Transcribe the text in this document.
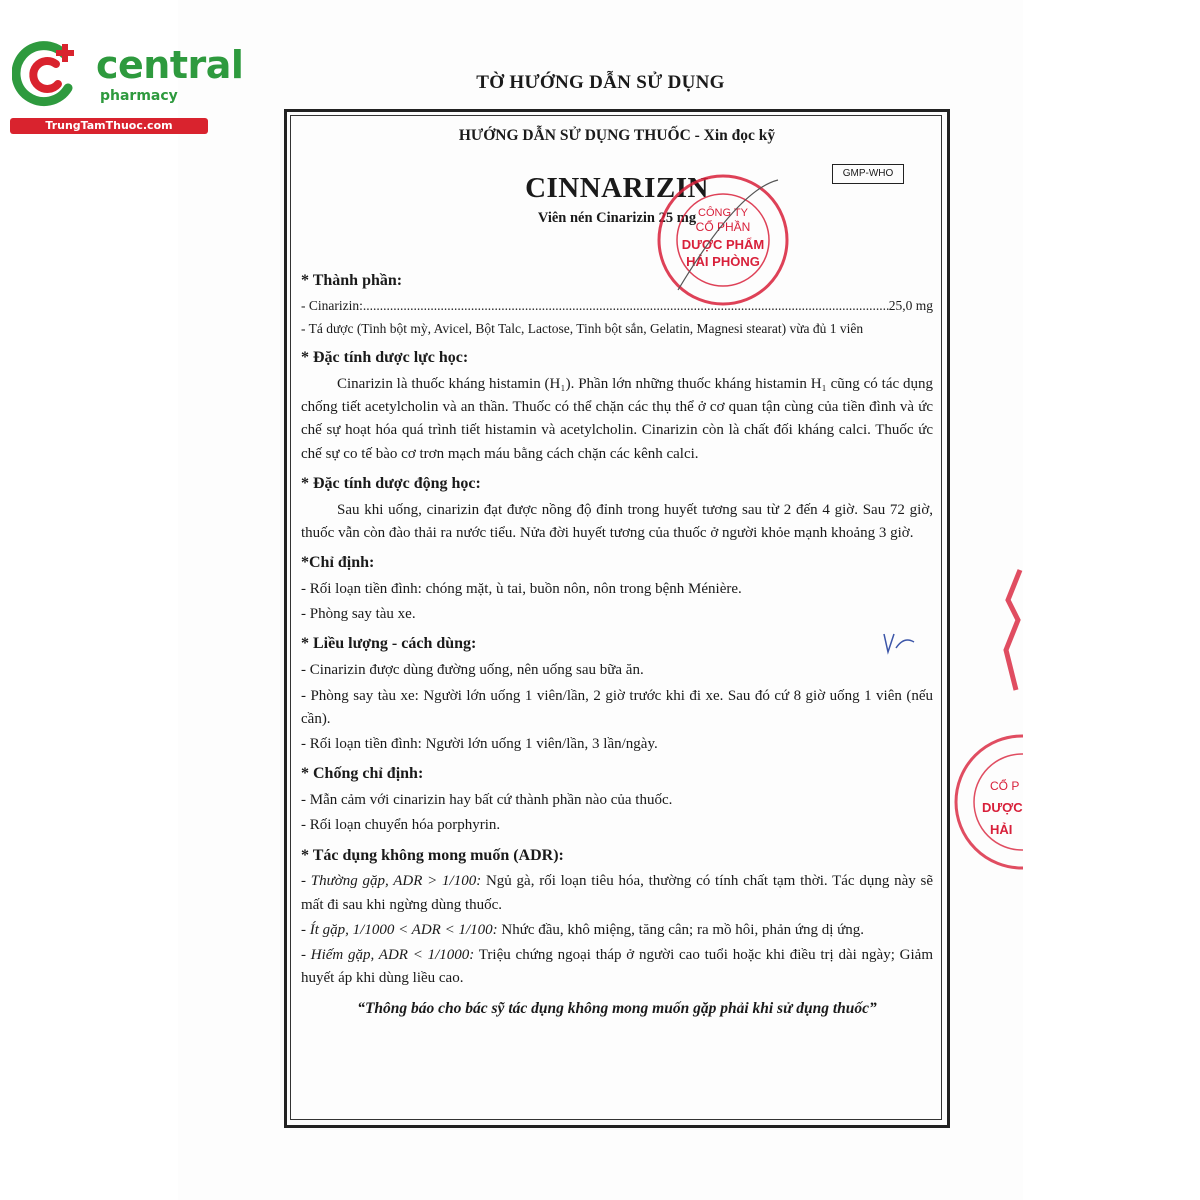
central
pharmacy
TrungTamThuoc.com
TỜ HƯỚNG DẪN SỬ DỤNG
HƯỚNG DẪN SỬ DỤNG THUỐC - Xin đọc kỹ
GMP-WHO
CINNARIZIN
Viên nén Cinarizin 25 mg
* Thành phần:
- Cinarizin:
.....	25,0 mg

- Tá dược (Tinh bột mỳ, Avicel, Bột Talc, Lactose, Tinh bột sắn, Gelatin, Magnesi stearat) vừa đủ 1 viên

* Đặc tính dược lực học:

Cinarizin là thuốc kháng histamin (H₁). Phần lớn những thuốc kháng histamin H₁ cũng có tác dụng chống tiết acetylcholin và an thần. Thuốc có thể chặn các thụ thể ở cơ quan tận cùng của tiền đình và ức chế sự hoạt hóa quá trình tiết histamin và acetylcholin. Cinarizin còn là chất đối kháng calci. Thuốc ức chế sự co tế bào cơ trơn mạch máu bằng cách chặn các kênh calci.

* Đặc tính dược động học:

Sau khi uống, cinarizin đạt được nồng độ đỉnh trong huyết tương sau từ 2 đến 4 giờ. Sau 72 giờ, thuốc vẫn còn đào thải ra nước tiểu. Nửa đời huyết tương của thuốc ở người khỏe mạnh khoảng 3 giờ.

*Chỉ định:

- Rối loạn tiền đình: chóng mặt, ù tai, buồn nôn, nôn trong bệnh Ménière.

- Phòng say tàu xe.

* Liều lượng - cách dùng:

- Cinarizin được dùng đường uống, nên uống sau bữa ăn.

- Phòng say tàu xe: Người lớn uống 1 viên/lần, 2 giờ trước khi đi xe. Sau đó cứ 8 giờ uống 1 viên (nếu cần).

- Rối loạn tiền đình: Người lớn uống 1 viên/lần, 3 lần/ngày.

* Chống chỉ định:

- Mẫn cảm với cinarizin hay bất cứ thành phần nào của thuốc.

- Rối loạn chuyển hóa porphyrin.

* Tác dụng không mong muốn (ADR):

- Thường gặp, ADR > 1/100: Ngủ gà, rối loạn tiêu hóa, thường có tính chất tạm thời. Tác dụng này sẽ mất đi sau khi ngừng dùng thuốc.

- Ít gặp, 1/1000 < ADR < 1/100: Nhức đầu, khô miệng, tăng cân; ra mồ hôi, phản ứng dị ứng.

- Hiếm gặp, ADR < 1/1000: Triệu chứng ngoại tháp ở người cao tuổi hoặc khi điều trị dài ngày; Giảm huyết áp khi dùng liều cao.

“Thông báo cho bác sỹ tác dụng không mong muốn gặp phải khi sử dụng thuốc”
CÔNG TY
CỔ PHẦN
DƯỢC PHẨM
HẢI PHÒNG
CỔ P
DƯỢC
HẢI
